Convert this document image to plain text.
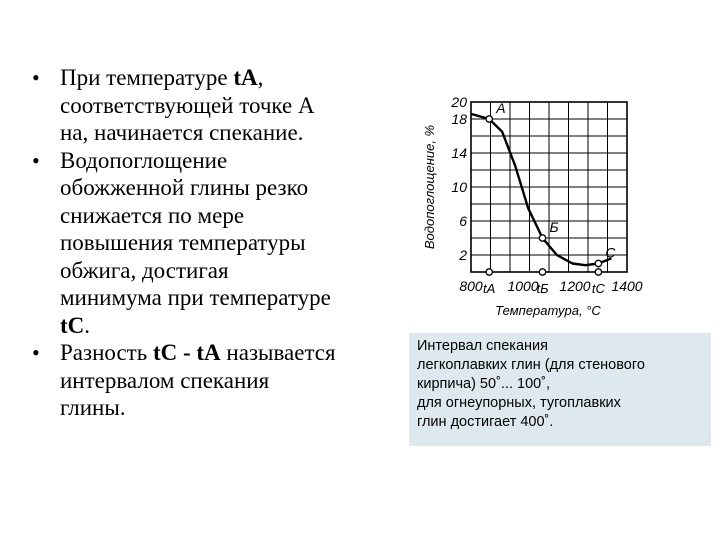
• При температуре tA,
соответствующей точке А
на, начинается спекание.
• Водопоглощение
обожженной глины резко
снижается по мере
повышения температуры
обжига, достигая
минимума при температуре
tC.
• Разность tC - tA называется
интервалом спекания
глины.
2
6
10
14
18
20
800 1000 1200 1400
tA	tБ	tC
А
Б
С
Температура, °С
Водопоглощение, %
Интервал спекания
легкоплавких глин (для стенового
кирпича) 50˚... 100˚,
для огнеупорных, тугоплавких
глин достигает 400˚.
